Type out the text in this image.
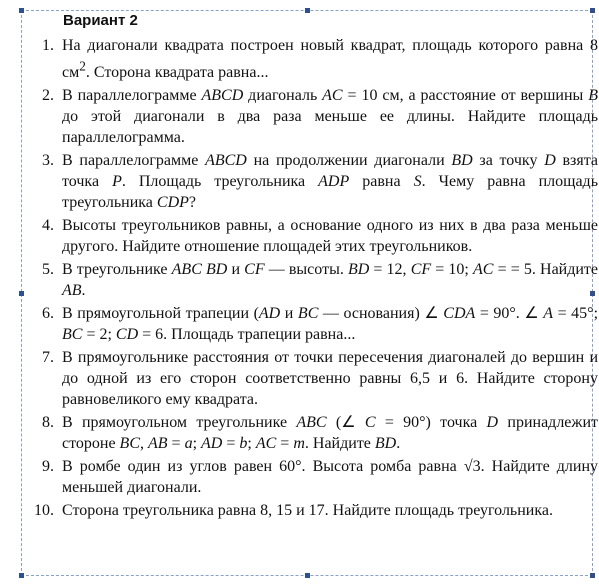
Вариант 2
1. На диагонали квадрата построен новый квадрат, площадь которого равна 8 $см^2$. Сторона квадрата равна...
2. В параллелограмме ABCD диагональ AC = 10 см, а расстояние от вершины B до этой диагонали в два раза меньше ее длины. Найдите площадь параллелограмма.
3. В параллелограмме ABCD на продолжении диагонали BD за точку D взята точка P. Площадь треугольника ADP равна S. Чему равна площадь треугольника CDP?
4. Высоты треугольников равны, а основание одного из них в два раза меньше другого. Найдите отношение площадей этих треугольников.
5. В треугольнике ABC BD и CF — высоты. BD = 12, CF = 10; AC = = 5. Найдите AB.
6. В прямоугольной трапеции (AD и BC — основания) ∠ CDA = 90°. ∠ A = 45°; BC = 2; CD = 6. Площадь трапеции равна...
7. В прямоугольнике расстояния от точки пересечения диагоналей до вершин и до одной из его сторон соответственно равны 6,5 и 6. Найдите сторону равновеликого ему квадрата.
8. В прямоугольном треугольнике ABC (∠ C = 90°) точка D принадлежит стороне BC, AB = a; AD = b; AC = m. Найдите BD.
9. В ромбе один из углов равен 60°. Высота ромба равна √3. Найдите длину меньшей диагонали.
10. Сторона треугольника равна 8, 15 и 17. Найдите площадь треугольника.
